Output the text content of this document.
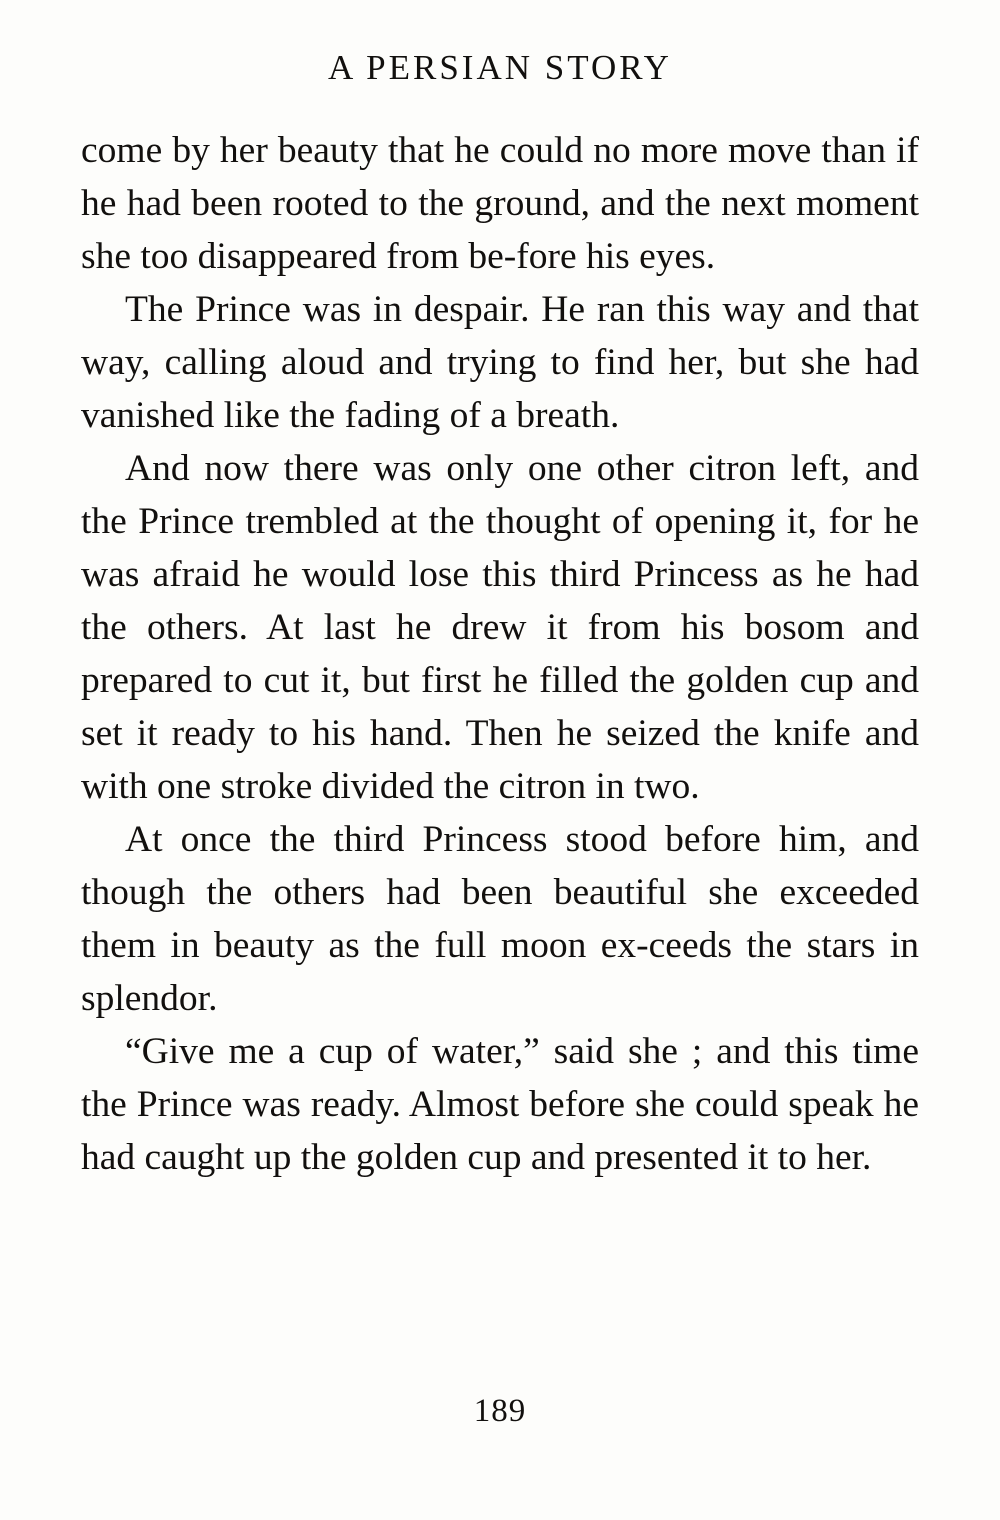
A PERSIAN STORY

come by her beauty that he could no more move than if he had been rooted to the ground, and the next moment she too disappeared from be-fore his eyes.

The Prince was in despair. He ran this way and that way, calling aloud and trying to find her, but she had vanished like the fading of a breath.

And now there was only one other citron left, and the Prince trembled at the thought of opening it, for he was afraid he would lose this third Princess as he had the others. At last he drew it from his bosom and prepared to cut it, but first he filled the golden cup and set it ready to his hand. Then he seized the knife and with one stroke divided the citron in two.

At once the third Princess stood before him, and though the others had been beautiful she exceeded them in beauty as the full moon ex-ceeds the stars in splendor.

“Give me a cup of water,” said she ; and this time the Prince was ready. Almost before she could speak he had caught up the golden cup and presented it to her.

189
